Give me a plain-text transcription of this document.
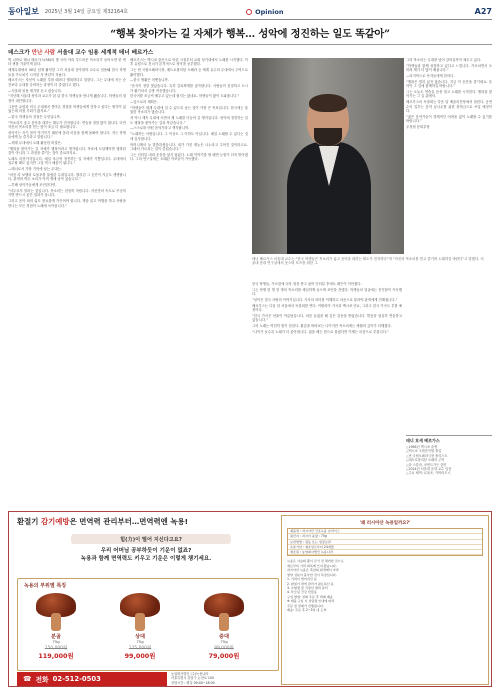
동아일보 2025년 3월 14일 금요일 제32164호	Opinion	A27
“행복 찾아가는 길 자체가 행복… 성악에 정진하는 일도 똑같아”
데스크가 만난 사람 서울대 교수 임용 세계적 테너 베르가스
벽 너머로 테너 베르가스(58)의 방 국어 아리 부드러운 목소리가 들어오면 한 번 더 귀를 기울이게 된다.
세계무대에서 30년 넘게 활약한 그가 서울대 음악대학 교수로 임용돼 한국 학생들을 가르치기 시작한 지 반년이 지났다.
베르가스는 자신이 노래를 부를 때마다 행복하다고 말한다. 그는 무대에 서는 순간보다 무대를 준비하는 과정이 더 즐겁다고 했다.
—서울대 임용 계기를 듣고 싶습니다.
“지난해 서울대 성악과 교수가 된 뒤 한국 학생들을 만나게 됐습니다. 학생들의 열정이 대단합니다.
그동안 유럽과 미국 무대에서 쌓아온 경험을 학생들에게 전하고 싶다는 생각이 있었는데 마침 기회가 왔지요.”
—한국 학생들의 강점은 무엇입니까.
“목소리가 좋고 음악을 대하는 태도가 진지합니다. 연습을 정말 많이 합니다. 다만 자신의 목소리를 믿는 힘이 조금 더 필요합니다.
성악가는 자기 몸이 악기이기 때문에 몸과 마음을 함께 돌봐야 합니다. 저는 학생들에게 늘 즐기라고 말합니다.”
—세계 무대에서 오래 활동한 비결은.
“행복을 찾아가는 길 자체가 행복이라고 생각합니다. 목표에 도달해야만 행복한 것이 아니라 그 과정을 즐기는 것이 중요하지요.
노래도 마찬가지입니다. 매일 조금씩 정진하는 일 자체가 기쁨입니다. 무대에서 실수할 때도 있지만 그것 역시 배움이 됩니다.”
—테너로서 가장 기억에 남는 무대는.
“처음 라 보엠의 로돌포를 불렀던 무대입니다. 떨리던 그 순간이 지금도 생생합니다. 관객의 박수 소리가 아직 귀에 남아 있습니다.”
—후배 성악가들에게 조언한다면.
“서두르지 말라는 것입니다. 목소리는 천천히 자랍니다. 자신만의 속도로 꾸준히 가면 반드시 좋은 결과가 옵니다.
그리고 음악 외의 삶도 풍요롭게 가꾸어야 합니다. 책을 읽고 여행을 하고 사람을 만나는 모든 경험이 노래에 녹아듭니다.”
베르가스는 멕시코 출신으로 어린 시절부터 교회 성가대에서 노래를 시작했다. 이후 유럽으로 건너가 본격적으로 성악을 공부했다.
그는 빈 국립오페라극장, 메트로폴리탄 오페라 등 세계 유수의 무대에서 주역으로 활약했다.
—한국 생활은 어떻습니까.
“음식이 정말 맛있습니다. 특히 김치찌개를 좋아합니다. 사람들이 친절하고 도시가 활기차서 금방 적응했습니다.
한국어를 조금씩 배우고 있는데 쉽지는 않네요. 학생들이 많이 도와줍니다.”
—앞으로의 계획은.
“학생들이 세계 무대에 설 수 있도록 돕는 것이 가장 큰 목표입니다. 한국에는 훌륭한 목소리가 많습니다.
저 역시 계속 무대에 서면서 제 노래를 다듬어 갈 생각입니다. 성악에 정진하는 일도 행복을 찾아가는 길과 똑같습니다.”
—스스로를 어떤 음악가라고 생각합니까.
“노래하는 사람입니다. 그 이상도 그 이하도 아닙니다. 매일 노래할 수 있다는 것에 감사합니다.
어머니께서 늘 말씀하셨습니다. 네가 가진 재능은 나누라고 주어진 것이라고요. 그래서 가르치는 일이 즐겁습니다.”
그는 인터뷰 내내 웃음을 잃지 않았다. 노래 이야기를 할 때면 눈빛이 더욱 밝아졌다. 그의 연구실에는 오래된 악보들이 가득했다.
그의 목소리는 무대를 넘어 강의실까지 채우고 있다.
“학생들과 함께 성장하고 있다고 느낍니다. 가르치면서 오히려 제가 더 많이 배웁니다.”
—마지막으로 독자들에게 한마디.
“행복은 멀리 있지 않습니다. 지금 이 순간을 즐기세요. 음악이 그 길에 함께하길 바랍니다.”
그는 오늘도 연습실 문을 열고 노래를 시작한다. 행복을 찾아가는 그 길 위에서.
베르가스의 독창회는 다음 달 예술의전당에서 열린다. 공연 수익 일부는 음악 꿈나무를 위한 장학금으로 쓰일 예정이다.
“젊은 음악가들이 경제적인 어려움 없이 노래할 수 있기를 바랍니다.”
우정렬 문화부장
테너 베르가스 서울대 교수는 “한국 학생들은 목소리가 좋고 음악을 대하는 태도가 진지하다”며 “자신의 목소리를 믿고 즐기며 노래하길 바란다”고 말했다. 서울대 음대 연구실에서 웃으며 포즈를 취한 그.
한국 학생들, 가르침에 더욱 열정 쏟고 싶어 인터뷰 후에도 레슨이 이어졌다.
그는 학생 한 명 한 명의 목소리를 세심하게 들으며 조언을 건넸다. 학생들의 얼굴에는 진지함이 가득했다.
“성악은 결국 사람의 이야기입니다. 가사의 의미를 이해하고 마음으로 불러야 관객에게 전해집니다.”
베르가스는 다음 달 서울에서 독창회를 연다. 이탈리아 가곡과 멕시코 민요, 그리고 한국 가곡도 부를 예정이다.
“한국 가곡은 선율이 아름답습니다. 처음 들었을 때 깊은 감동을 받았습니다. 발음을 열심히 연습하고 있습니다.”
그의 노래는 여전히 힘이 넘친다. 환갑을 바라보는 나이지만 목소리에는 세월의 깊이가 더해졌다.
“나이가 들수록 노래가 더 좋아집니다. 젊을 때는 힘으로 불렀다면 이제는 마음으로 부릅니다.”
테너 호세 베르가스
△1966년 멕시코 출생
△멕시코 국립음악원 졸업
△빈 국립오페라극장 솔리스트
△메트로폴리탄 오페라 주역
△라 스칼라, 코번트가든 출연
△2024년 서울대 음대 교수 임용
△주요 배역: 로돌포, 카바라도시
환절기 감기예방은 면역력 관리부터…면역력엔 녹용!
힘(力)이 떨어 지신다고요?
우리 어머님 공부하듯이 기운이 없죠?
녹용과 함께 면역력도 키우고 기운은 이렇게 챙기세요.
녹용의 부위별 특징
분골
75g
150,000원
119,000원
상대
75g
125,000원
99,000원
중대
75g
89,000원
79,000원
☎ 전화 02-512-0503
농업회사법인 (주)녹용나라
서울특별시 강남구 논현로 100
상담시간 : 평일 09:00~18:00
'왜 러시아산 녹용일까요?'
제품명 : 러시아산 건조녹용 슬라이스
원산지 : 러시아 중량 : 75g
보관방법 : 냉동 또는 냉장보관
유통기한 : 제조일로부터 24개월
제조원 : 농업회사법인 녹용나라
녹용은 사슴의 뿔이 굳기 전 채취한 것으로
예로부터 기력 회복에 쓰여 왔습니다.
러시아산 녹용은 혹한의 환경에서 자라
영양 성분이 풍부한 것이 특징입니다.
1. 기력이 떨어지신 분
2. 환절기 면역 관리가 필요하신 분
3. 수험생 및 직장인 체력 관리
4. 부모님 건강 선물용
구입 방법: 전화 주문 후 택배 배송
※ 제품 구입 시 상담원 안내에 따라
주문 및 결제가 진행됩니다.
배송: 주문 후 2~3일 내 도착
